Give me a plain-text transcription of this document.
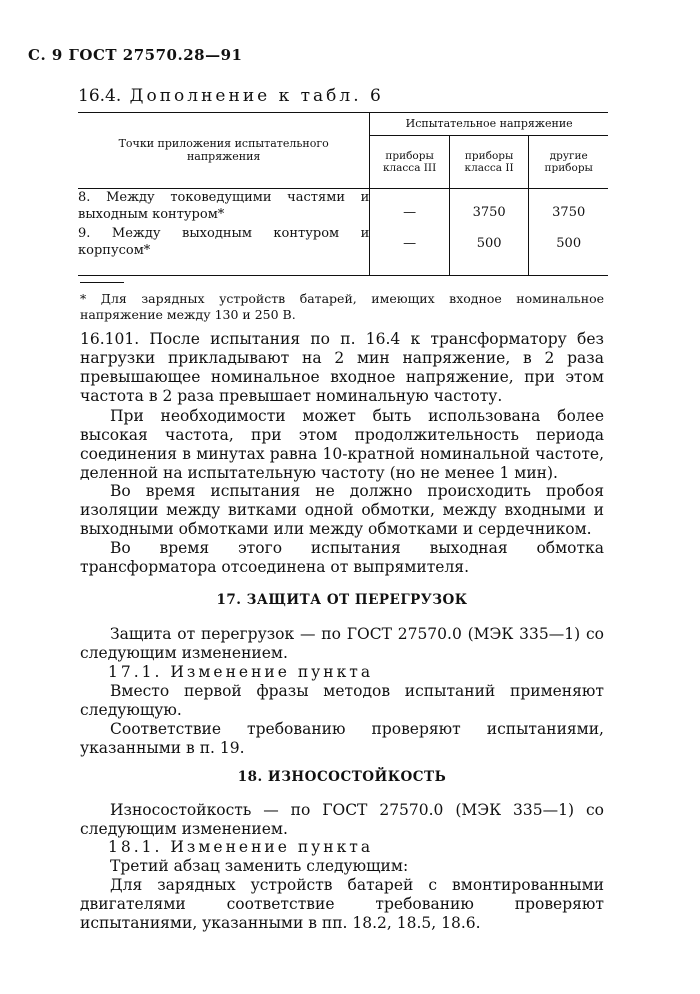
С. 9 ГОСТ 27570.28—91
16.4. Дополнение к табл. 6
Точки приложения испытательного напряжения	Испытательное напряжение		
	приборы класса III	приборы класса II	другие приборы
8. Между токоведущими частями и выходным контуром*	—	3750	3750
9. Между выходным контуром и корпусом*	—	500	500
* Для зарядных устройств батарей, имеющих входное номинальное напряжение между 130 и 250 В.
16.101. После испытания по п. 16.4 к трансформатору без нагрузки прикладывают на 2 мин напряжение, в 2 раза превышающее номинальное входное напряжение, при этом частота в 2 раза превышает номинальную частоту.
При необходимости может быть использована более высокая частота, при этом продолжительность периода соединения в минутах равна 10-кратной номинальной частоте, деленной на испытательную частоту (но не менее 1 мин).
Во время испытания не должно происходить пробоя изоляции между витками одной обмотки, между входными и выходными обмотками или между обмотками и сердечником.
Во время этого испытания выходная обмотка трансформатора отсоединена от выпрямителя.
17. ЗАЩИТА ОТ ПЕРЕГРУЗОК
Защита от перегрузок — по ГОСТ 27570.0 (МЭК 335—1) со следующим изменением.
17.1. Изменение пункта
Вместо первой фразы методов испытаний применяют следующую.
Соответствие требованию проверяют испытаниями, указанными в п. 19.
18. ИЗНОСОСТОЙКОСТЬ
Износостойкость — по ГОСТ 27570.0 (МЭК 335—1) со следующим изменением.
18.1. Изменение пункта
Третий абзац заменить следующим:
Для зарядных устройств батарей с вмонтированными двигателями соответствие требованию проверяют испытаниями, указанными в пп. 18.2, 18.5, 18.6.
